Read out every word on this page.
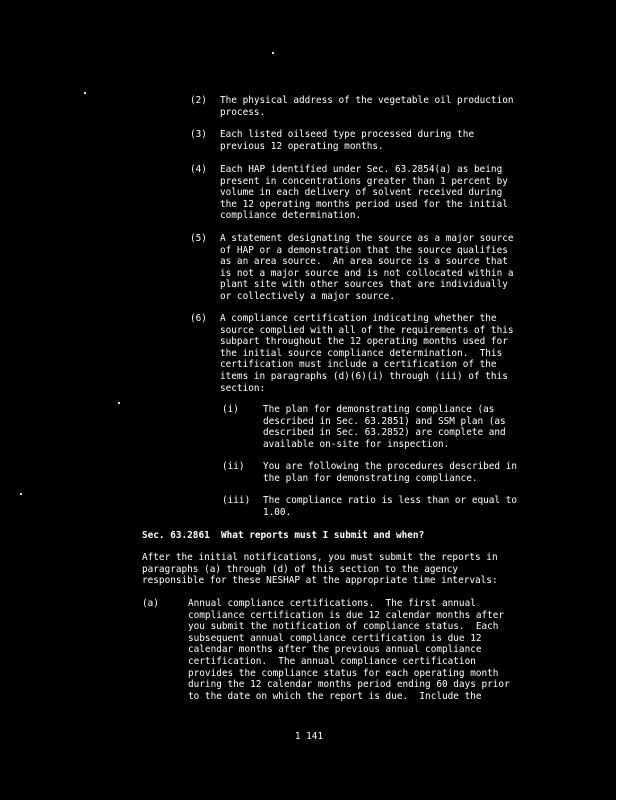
(2) The physical address of the vegetable oil production
process.
(3) Each listed oilseed type processed during the
previous 12 operating months.
(4) Each HAP identified under Sec. 63.2854(a) as being
present in concentrations greater than 1 percent by
volume in each delivery of solvent received during
the 12 operating months period used for the initial
compliance determination.
(5) A statement designating the source as a major source
of HAP or a demonstration that the source qualifies
as an area source.  An area source is a source that
is not a major source and is not collocated within a
plant site with other sources that are individually
or collectively a major source.
(6) A compliance certification indicating whether the
source complied with all of the requirements of this
subpart throughout the 12 operating months used for
the initial source compliance determination.  This
certification must include a certification of the
items in paragraphs (d)(6)(i) through (iii) of this
section:
(i)	The plan for demonstrating compliance (as
described in Sec. 63.2851) and SSM plan (as
described in Sec. 63.2852) are complete and
available on-site for inspection.
(ii) You are following the procedures described in
the plan for demonstrating compliance.
(iii) The compliance ratio is less than or equal to
1.00.
Sec. 63.2861  What reports must I submit and when?
After the initial notifications, you must submit the reports in
paragraphs (a) through (d) of this section to the agency
responsible for these NESHAP at the appropriate time intervals:
(a)	Annual compliance certifications.  The first annual
compliance certification is due 12 calendar months after
you submit the notification of compliance status.  Each
subsequent annual compliance certification is due 12
calendar months after the previous annual compliance
certification.  The annual compliance certification
provides the compliance status for each operating month
during the 12 calendar months period ending 60 days prior
to the date on which the report is due.  Include the
1 141
